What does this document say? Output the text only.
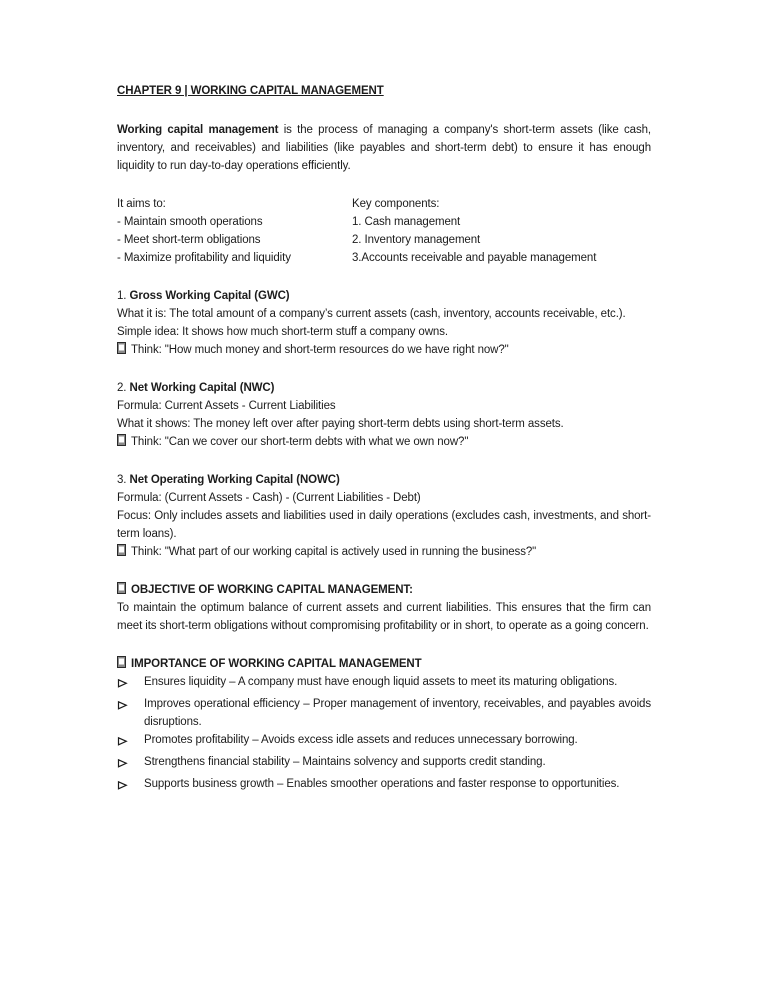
CHAPTER 9 | WORKING CAPITAL MANAGEMENT

Working capital management is the process of managing a company's short-term assets (like cash, inventory, and receivables) and liabilities (like payables and short-term debt) to ensure it has enough liquidity to run day-to-day operations efficiently.

It aims to:	Key components:
- Maintain smooth operations	1. Cash management
- Meet short-term obligations	2. Inventory management
- Maximize profitability and liquidity	3.Accounts receivable and payable management

1. Gross Working Capital (GWC)

What it is: The total amount of a company’s current assets (cash, inventory, accounts receivable, etc.).

Simple idea: It shows how much short-term stuff a company owns.

Think: "How much money and short-term resources do we have right now?"

2. Net Working Capital (NWC)

Formula: Current Assets - Current Liabilities

What it shows: The money left over after paying short-term debts using short-term assets.

Think: "Can we cover our short-term debts with what we own now?"

3. Net Operating Working Capital (NOWC)

Formula: (Current Assets - Cash) - (Current Liabilities - Debt)

Focus: Only includes assets and liabilities used in daily operations (excludes cash, investments, and short-term loans).

Think: "What part of our working capital is actively used in running the business?"

OBJECTIVE OF WORKING CAPITAL MANAGEMENT:

To maintain the optimum balance of current assets and current liabilities. This ensures that the firm can meet its short-term obligations without compromising profitability or in short, to operate as a going concern.

IMPORTANCE OF WORKING CAPITAL MANAGEMENT

Ensures liquidity – A company must have enough liquid assets to meet its maturing obligations.
Improves operational efficiency – Proper management of inventory, receivables, and payables avoids disruptions.
Promotes profitability – Avoids excess idle assets and reduces unnecessary borrowing.
Strengthens financial stability – Maintains solvency and supports credit standing.
Supports business growth – Enables smoother operations and faster response to opportunities.
